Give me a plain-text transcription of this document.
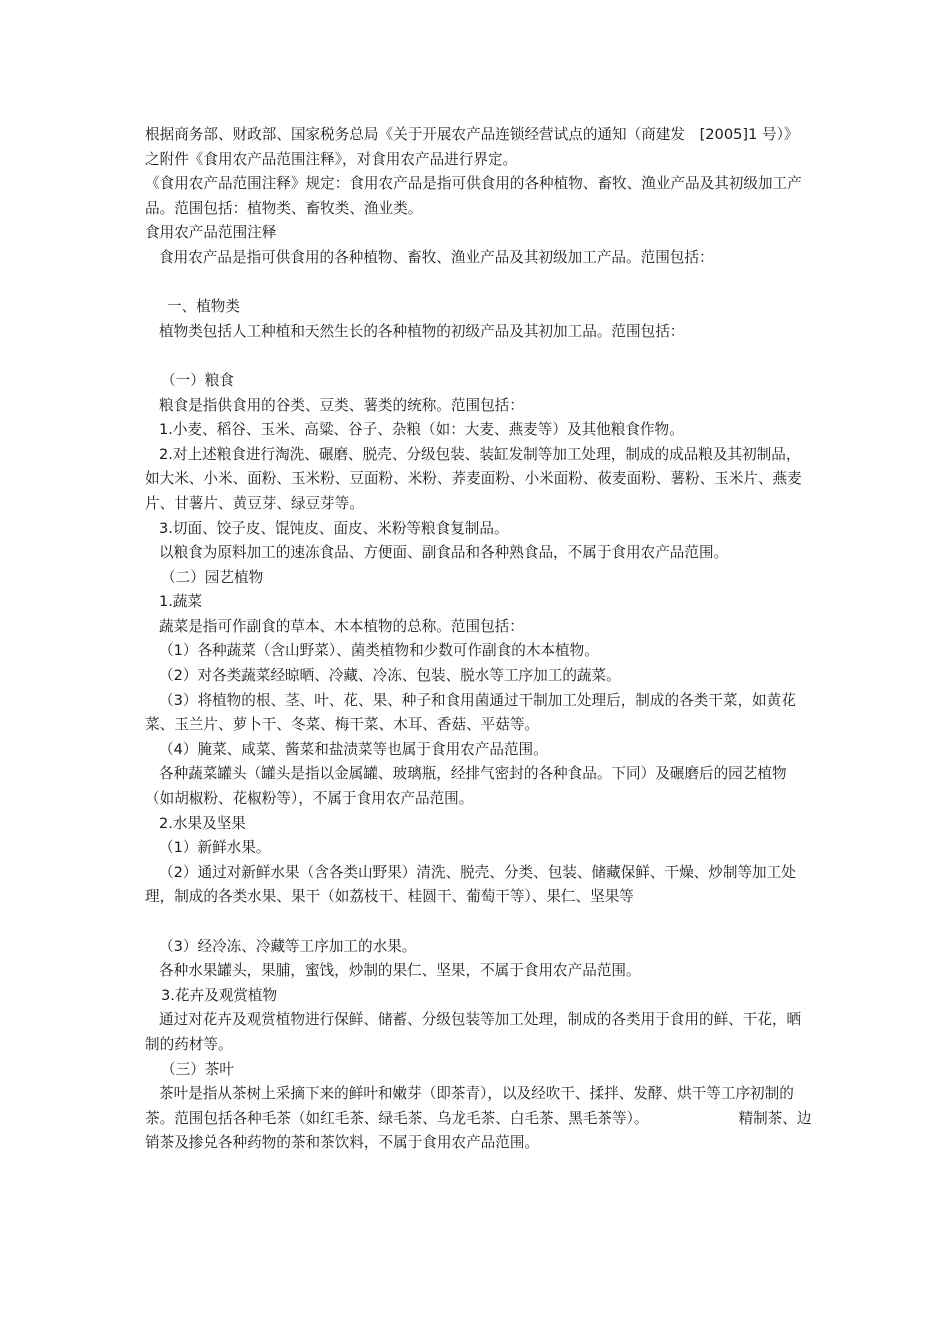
根据商务部、财政部、国家税务总局《关于开展农产品连锁经营试点的通知（商建发　[2005]1 号）》之附件《食用农产品范围注释》，对食用农产品进行界定。

《食用农产品范围注释》规定：食用农产品是指可供食用的各种植物、畜牧、渔业产品及其初级加工产品。范围包括：植物类、畜牧类、渔业类。

食用农产品范围注释

食用农产品是指可供食用的各种植物、畜牧、渔业产品及其初级加工产品。范围包括：

一、植物类

植物类包括人工种植和天然生长的各种植物的初级产品及其初加工品。范围包括：

（一）粮食

粮食是指供食用的谷类、豆类、薯类的统称。范围包括：

1.小麦、稻谷、玉米、高粱、谷子、杂粮（如：大麦、燕麦等）及其他粮食作物。

2.对上述粮食进行淘洗、碾磨、脱壳、分级包装、装缸发制等加工处理，制成的成品粮及其初制品，如大米、小米、面粉、玉米粉、豆面粉、米粉、荞麦面粉、小米面粉、莜麦面粉、薯粉、玉米片、燕麦片、甘薯片、黄豆芽、绿豆芽等。

3.切面、饺子皮、馄饨皮、面皮、米粉等粮食复制品。

以粮食为原料加工的速冻食品、方便面、副食品和各种熟食品，不属于食用农产品范围。

（二）园艺植物

1.蔬菜

蔬菜是指可作副食的草本、木本植物的总称。范围包括：

（1）各种蔬菜（含山野菜）、菌类植物和少数可作副食的木本植物。

（2）对各类蔬菜经晾晒、冷藏、冷冻、包装、脱水等工序加工的蔬菜。

（3）将植物的根、茎、叶、花、果、种子和食用菌通过干制加工处理后，制成的各类干菜，如黄花菜、玉兰片、萝卜干、冬菜、梅干菜、木耳、香菇、平菇等。

（4）腌菜、咸菜、酱菜和盐渍菜等也属于食用农产品范围。

各种蔬菜罐头（罐头是指以金属罐、玻璃瓶，经排气密封的各种食品。下同）及碾磨后的园艺植物（如胡椒粉、花椒粉等），不属于食用农产品范围。

2.水果及坚果

（1）新鲜水果。

（2）通过对新鲜水果（含各类山野果）清洗、脱壳、分类、包装、储藏保鲜、干燥、炒制等加工处理，制成的各类水果、果干（如荔枝干、桂圆干、葡萄干等）、果仁、坚果等

（3）经冷冻、冷藏等工序加工的水果。

各种水果罐头，果脯，蜜饯，炒制的果仁、坚果，不属于食用农产品范围。

3.花卉及观赏植物

通过对花卉及观赏植物进行保鲜、储蓄、分级包装等加工处理，制成的各类用于食用的鲜、干花，晒制的药材等。

（三）茶叶

茶叶是指从茶树上采摘下来的鲜叶和嫩芽（即茶青），以及经吹干、揉拌、发酵、烘干等工序初制的茶。范围包括各种毛茶（如红毛茶、绿毛茶、乌龙毛茶、白毛茶、黑毛茶等）。	精制茶、边销茶及掺兑各种药物的茶和茶饮料，不属于食用农产品范围。
